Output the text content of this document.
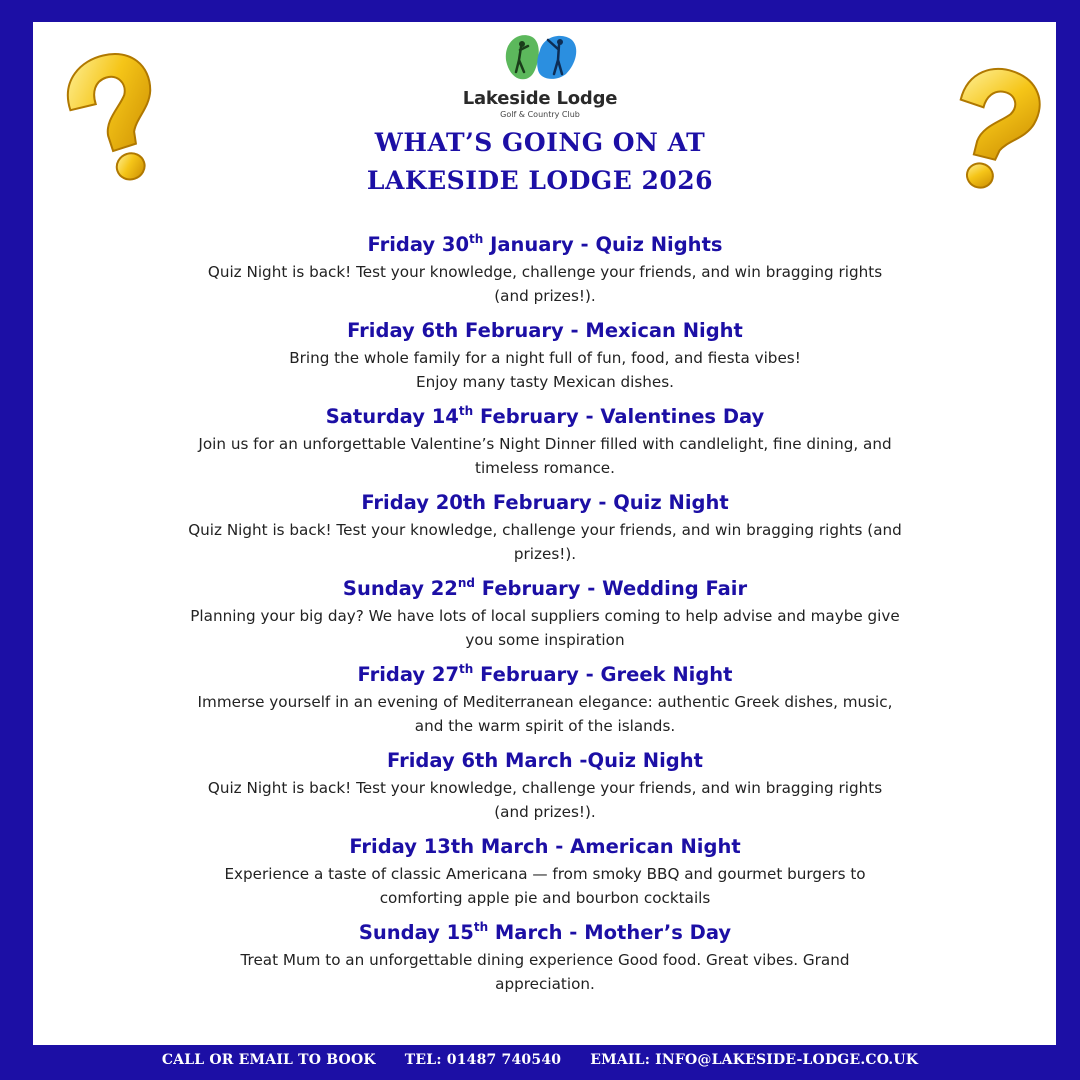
Lakeside Lodge
Golf & Country Club
WHAT’S GOING ON AT
LAKESIDE LODGE 2026
Friday 30th January - Quiz Nights
Quiz Night is back! Test your knowledge, challenge your friends, and win bragging rights
(and prizes!).
Friday 6th February - Mexican Night
Bring the whole family for a night full of fun, food, and fiesta vibes!
Enjoy many tasty Mexican dishes.
Saturday 14th February - Valentines Day
Join us for an unforgettable Valentine’s Night Dinner filled with candlelight, fine dining, and
timeless romance.
Friday 20th February - Quiz Night
Quiz Night is back! Test your knowledge, challenge your friends, and win bragging rights (and
prizes!).
Sunday 22nd February - Wedding Fair
Planning your big day? We have lots of local suppliers coming to help advise and maybe give
you some inspiration
Friday 27th February - Greek Night
Immerse yourself in an evening of Mediterranean elegance: authentic Greek dishes, music,
and the warm spirit of the islands.
Friday 6th March -Quiz Night
Quiz Night is back! Test your knowledge, challenge your friends, and win bragging rights
(and prizes!).
Friday 13th March - American Night
Experience a taste of classic Americana — from smoky BBQ and gourmet burgers to
comforting apple pie and bourbon cocktails
Sunday 15th March - Mother’s Day
Treat Mum to an unforgettable dining experience Good food. Great vibes. Grand
appreciation.
CALL OR EMAIL TO BOOK TEL: 01487 740540 EMAIL: INFO@LAKESIDE-LODGE.CO.UK
